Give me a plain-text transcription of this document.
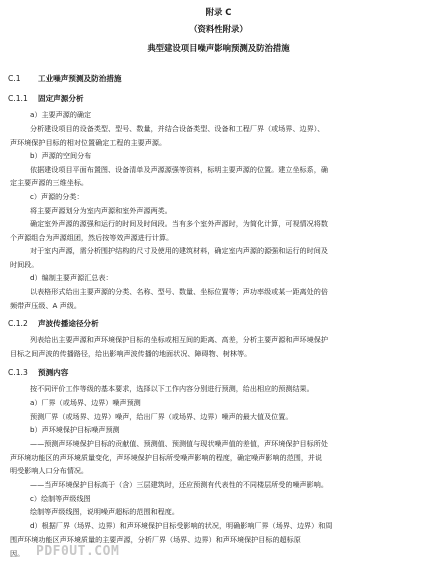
附录 C
（资料性附录）
典型建设项目噪声影响预测及防治措施
C.1 工业噪声预测及防治措施
C.1.1 固定声源分析
a）主要声源的确定
分析建设项目的设备类型、型号、数量，并结合设备类型、设备和工程厂界（或场界、边界）、
声环境保护目标的相对位置确定工程的主要声源。
b）声源的空间分布
依据建设项目平面布置图、设备清单及声源源强等资料，标明主要声源的位置。建立坐标系，确
定主要声源的三维坐标。
c）声源的分类：
将主要声源划分为室内声源和室外声源两类。
确定室外声源的源强和运行的时间及时间段。当有多个室外声源时，为简化计算，可视情况将数
个声源组合为声源组团，然后按等效声源进行计算。
对于室内声源，需分析围护结构的尺寸及使用的建筑材料，确定室内声源的源强和运行的时间及
时间段。
d）编制主要声源汇总表：
以表格形式给出主要声源的分类、名称、型号、数量、坐标位置等；声功率级或某一距离处的倍
频带声压级、A 声级。
C.1.2 声波传播途径分析
列表给出主要声源和声环境保护目标的坐标或相互间的距离、高差，分析主要声源和声环境保护
目标之间声波的传播路径，给出影响声波传播的地面状况、障碍物、树林等。
C.1.3 预测内容
按不同评价工作等级的基本要求，选择以下工作内容分别进行预测，给出相应的预测结果。
a）厂界（或场界、边界）噪声预测
预测厂界（或场界、边界）噪声，给出厂界（或场界、边界）噪声的最大值及位置。
b）声环境保护目标噪声预测
——预测声环境保护目标的贡献值、预测值、预测值与现状噪声值的差值，声环境保护目标所处
声环境功能区的声环境质量变化，声环境保护目标所受噪声影响的程度，确定噪声影响的范围，并说
明受影响人口分布情况。
——当声环境保护目标高于（含）三层建筑时，还应预测有代表性的不同楼层所受的噪声影响。
c）绘制等声级线图
绘制等声级线图，说明噪声超标的范围和程度。
d）根据厂界（场界、边界）和声环境保护目标受影响的状况，明确影响厂界（场界、边界）和周
围声环境功能区声环境质量的主要声源，分析厂界（场界、边界）和声环境保护目标的超标原
因。 PDF0UT.COM
